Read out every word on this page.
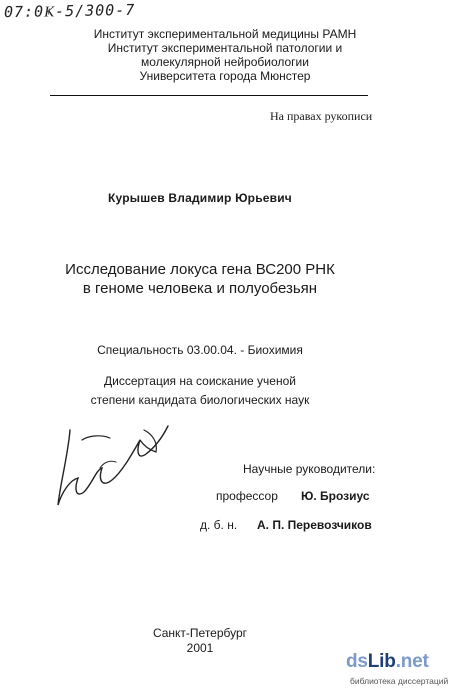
07:0Ҝ-5/300-7
Институт экспериментальной медицины РАМН
Институт экспериментальной патологии и
молекулярной нейробиологии
Университета города Мюнстер
На правах рукописи
Курышев Владимир Юрьевич
Исследование локуса гена ВС200 РНК
в геноме человека и полуобезьян
Специальность 03.00.04. - Биохимия
Диссертация на соискание ученой
степени кандидата биологических наук
Научные руководители:
профессор Ю. Брозиус
д. б. н. А. П. Перевозчиков
Санкт-Петербург
2001
dsLib.net
библиотека диссертаций
